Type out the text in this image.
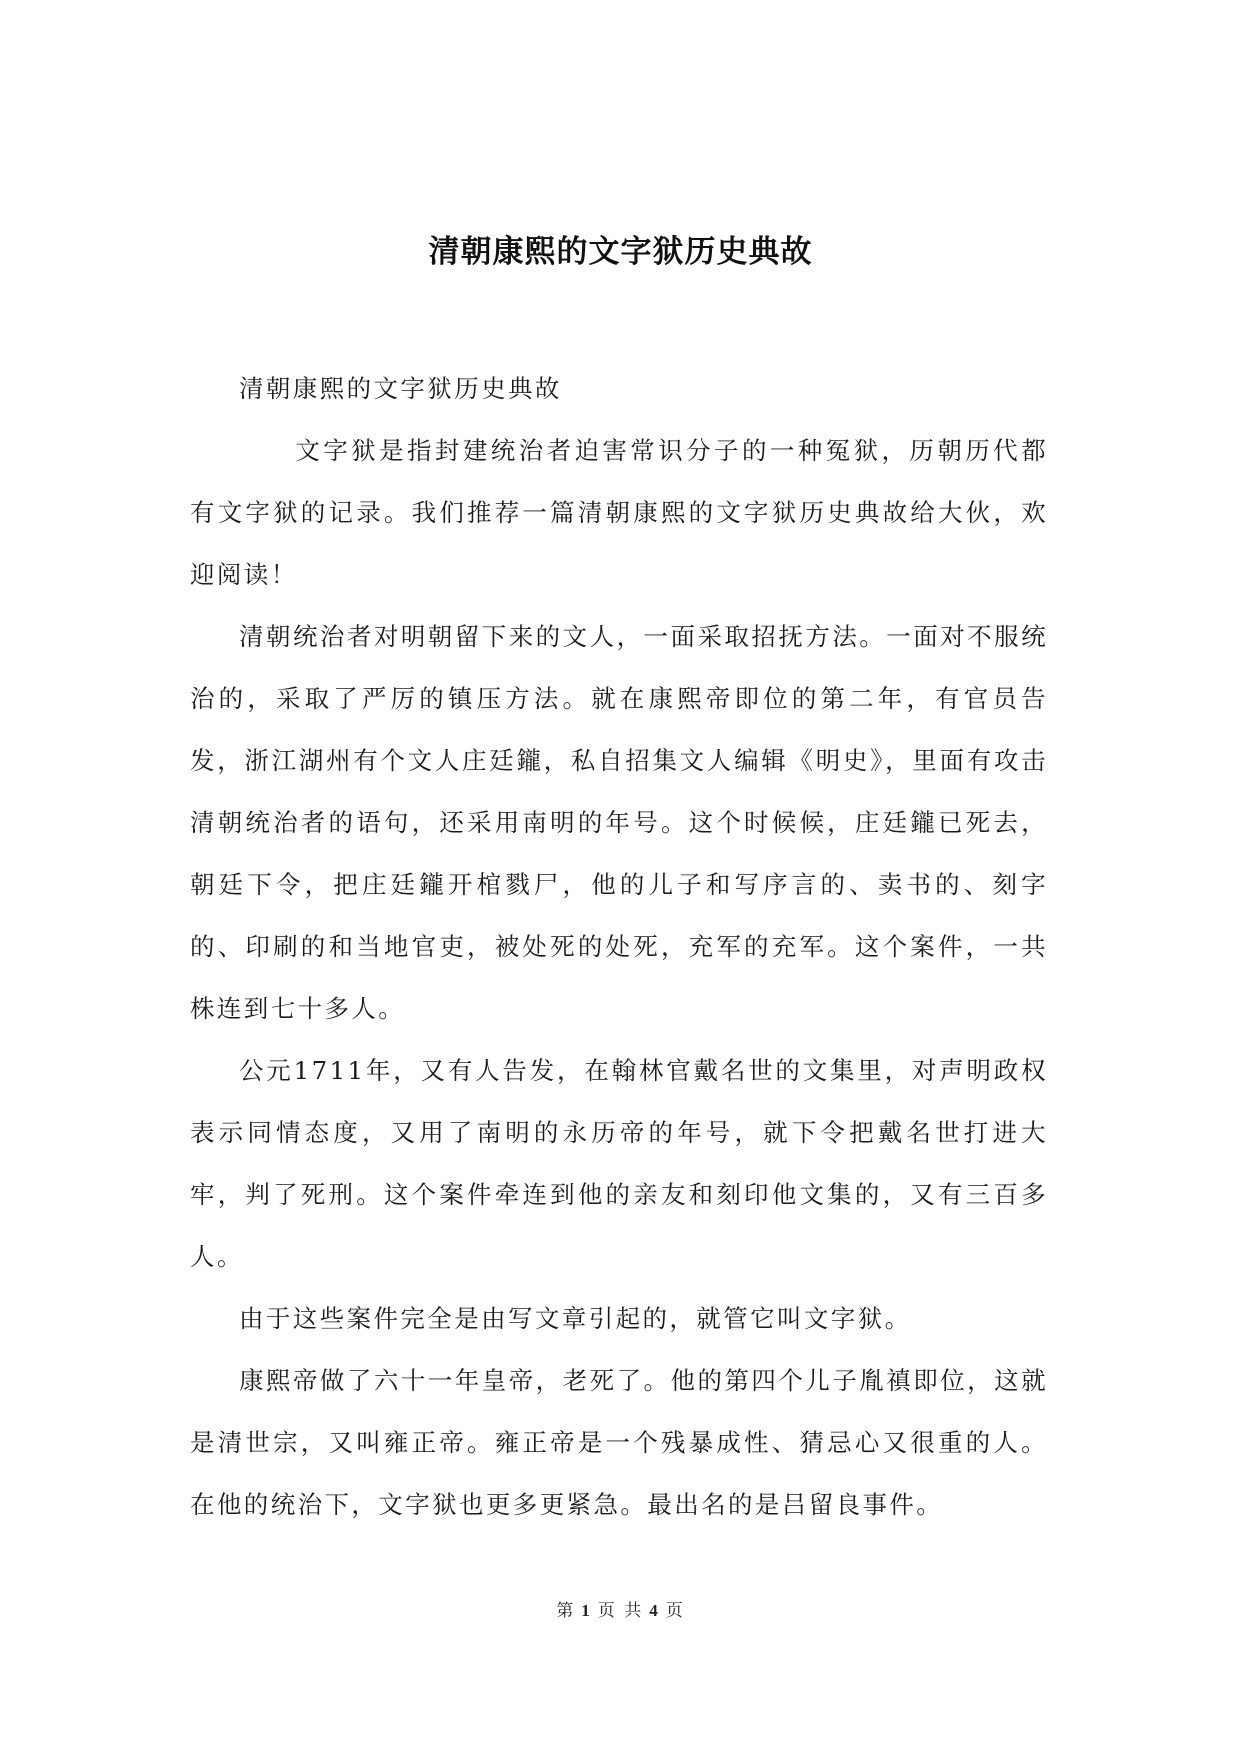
清朝康熙的文字狱历史典故

清朝康熙的文字狱历史典故

文字狱是指封建统治者迫害常识分子的一种冤狱，历朝历代都有文字狱的记录。我们推荐一篇清朝康熙的文字狱历史典故给大伙，欢迎阅读！

清朝统治者对明朝留下来的文人，一面采取招抚方法。一面对不服统治的，采取了严厉的镇压方法。就在康熙帝即位的第二年，有官员告发，浙江湖州有个文人庄廷鑨，私自招集文人编辑《明史》，里面有攻击清朝统治者的语句，还采用南明的年号。这个时候候，庄廷鑨已死去，朝廷下令，把庄廷鑨开棺戮尸，他的儿子和写序言的、卖书的、刻字的、印刷的和当地官吏，被处死的处死，充军的充军。这个案件，一共株连到七十多人。

公元1711年，又有人告发，在翰林官戴名世的文集里，对声明政权表示同情态度，又用了南明的永历帝的年号，就下令把戴名世打进大牢，判了死刑。这个案件牵连到他的亲友和刻印他文集的，又有三百多人。

由于这些案件完全是由写文章引起的，就管它叫文字狱。

康熙帝做了六十一年皇帝，老死了。他的第四个儿子胤禛即位，这就是清世宗，又叫雍正帝。雍正帝是一个残暴成性、猜忌心又很重的人。在他的统治下，文字狱也更多更紧急。最出名的是吕留良事件。

第 1 页 共 4 页
